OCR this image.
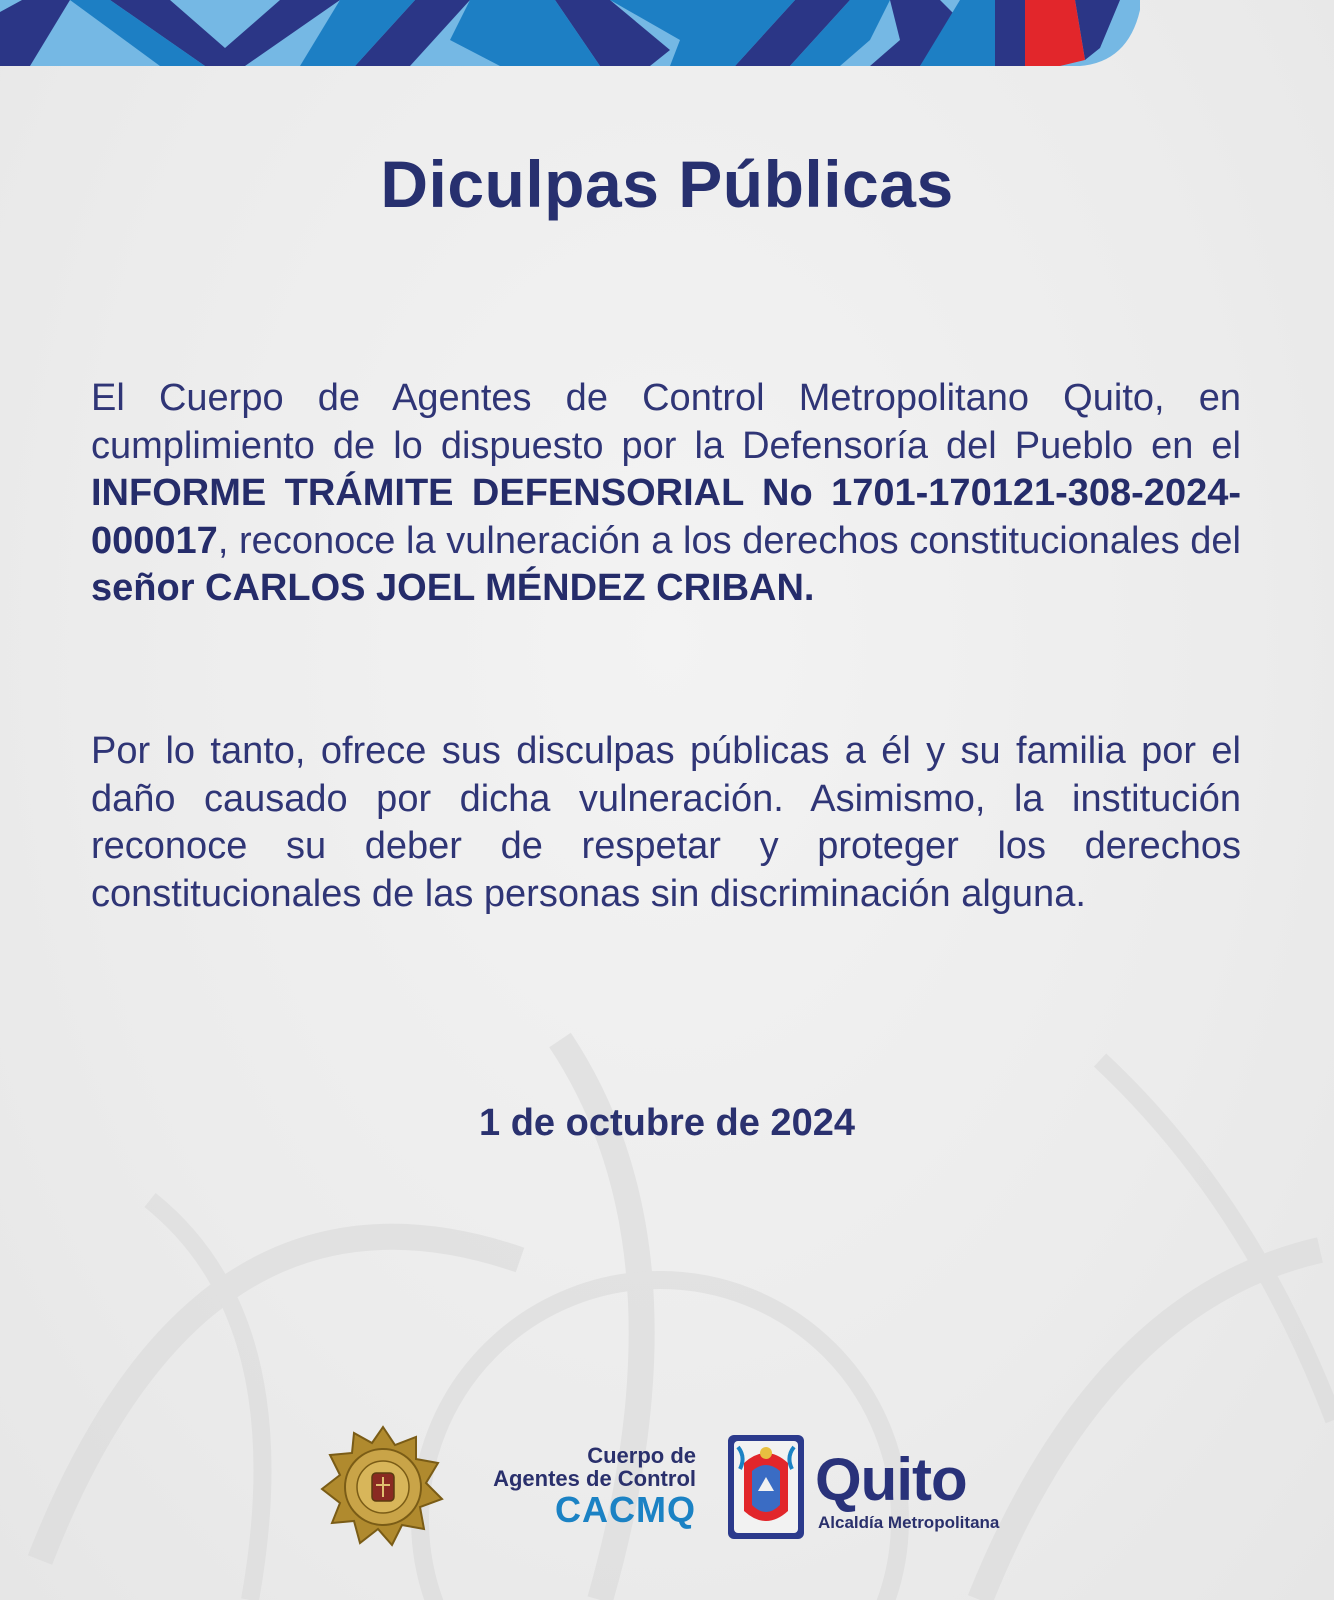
Diculpas Públicas

El Cuerpo de Agentes de Control Metropolitano Quito, en cumplimiento de lo dispuesto por la Defensoría del Pueblo en el INFORME TRÁMITE DEFENSORIAL No 1701-170121-308-2024-000017, reconoce la vulneración a los derechos constitucionales del señor CARLOS JOEL MÉNDEZ CRIBAN.

Por lo tanto, ofrece sus disculpas públicas a él y su familia por el daño causado por dicha vulneración. Asimismo, la institución reconoce su deber de respetar y proteger los derechos constitucionales de las personas sin discriminación alguna.

1 de octubre de 2024

Cuerpo de
Agentes de Control
CACMQ Quito
Alcaldía Metropolitana
